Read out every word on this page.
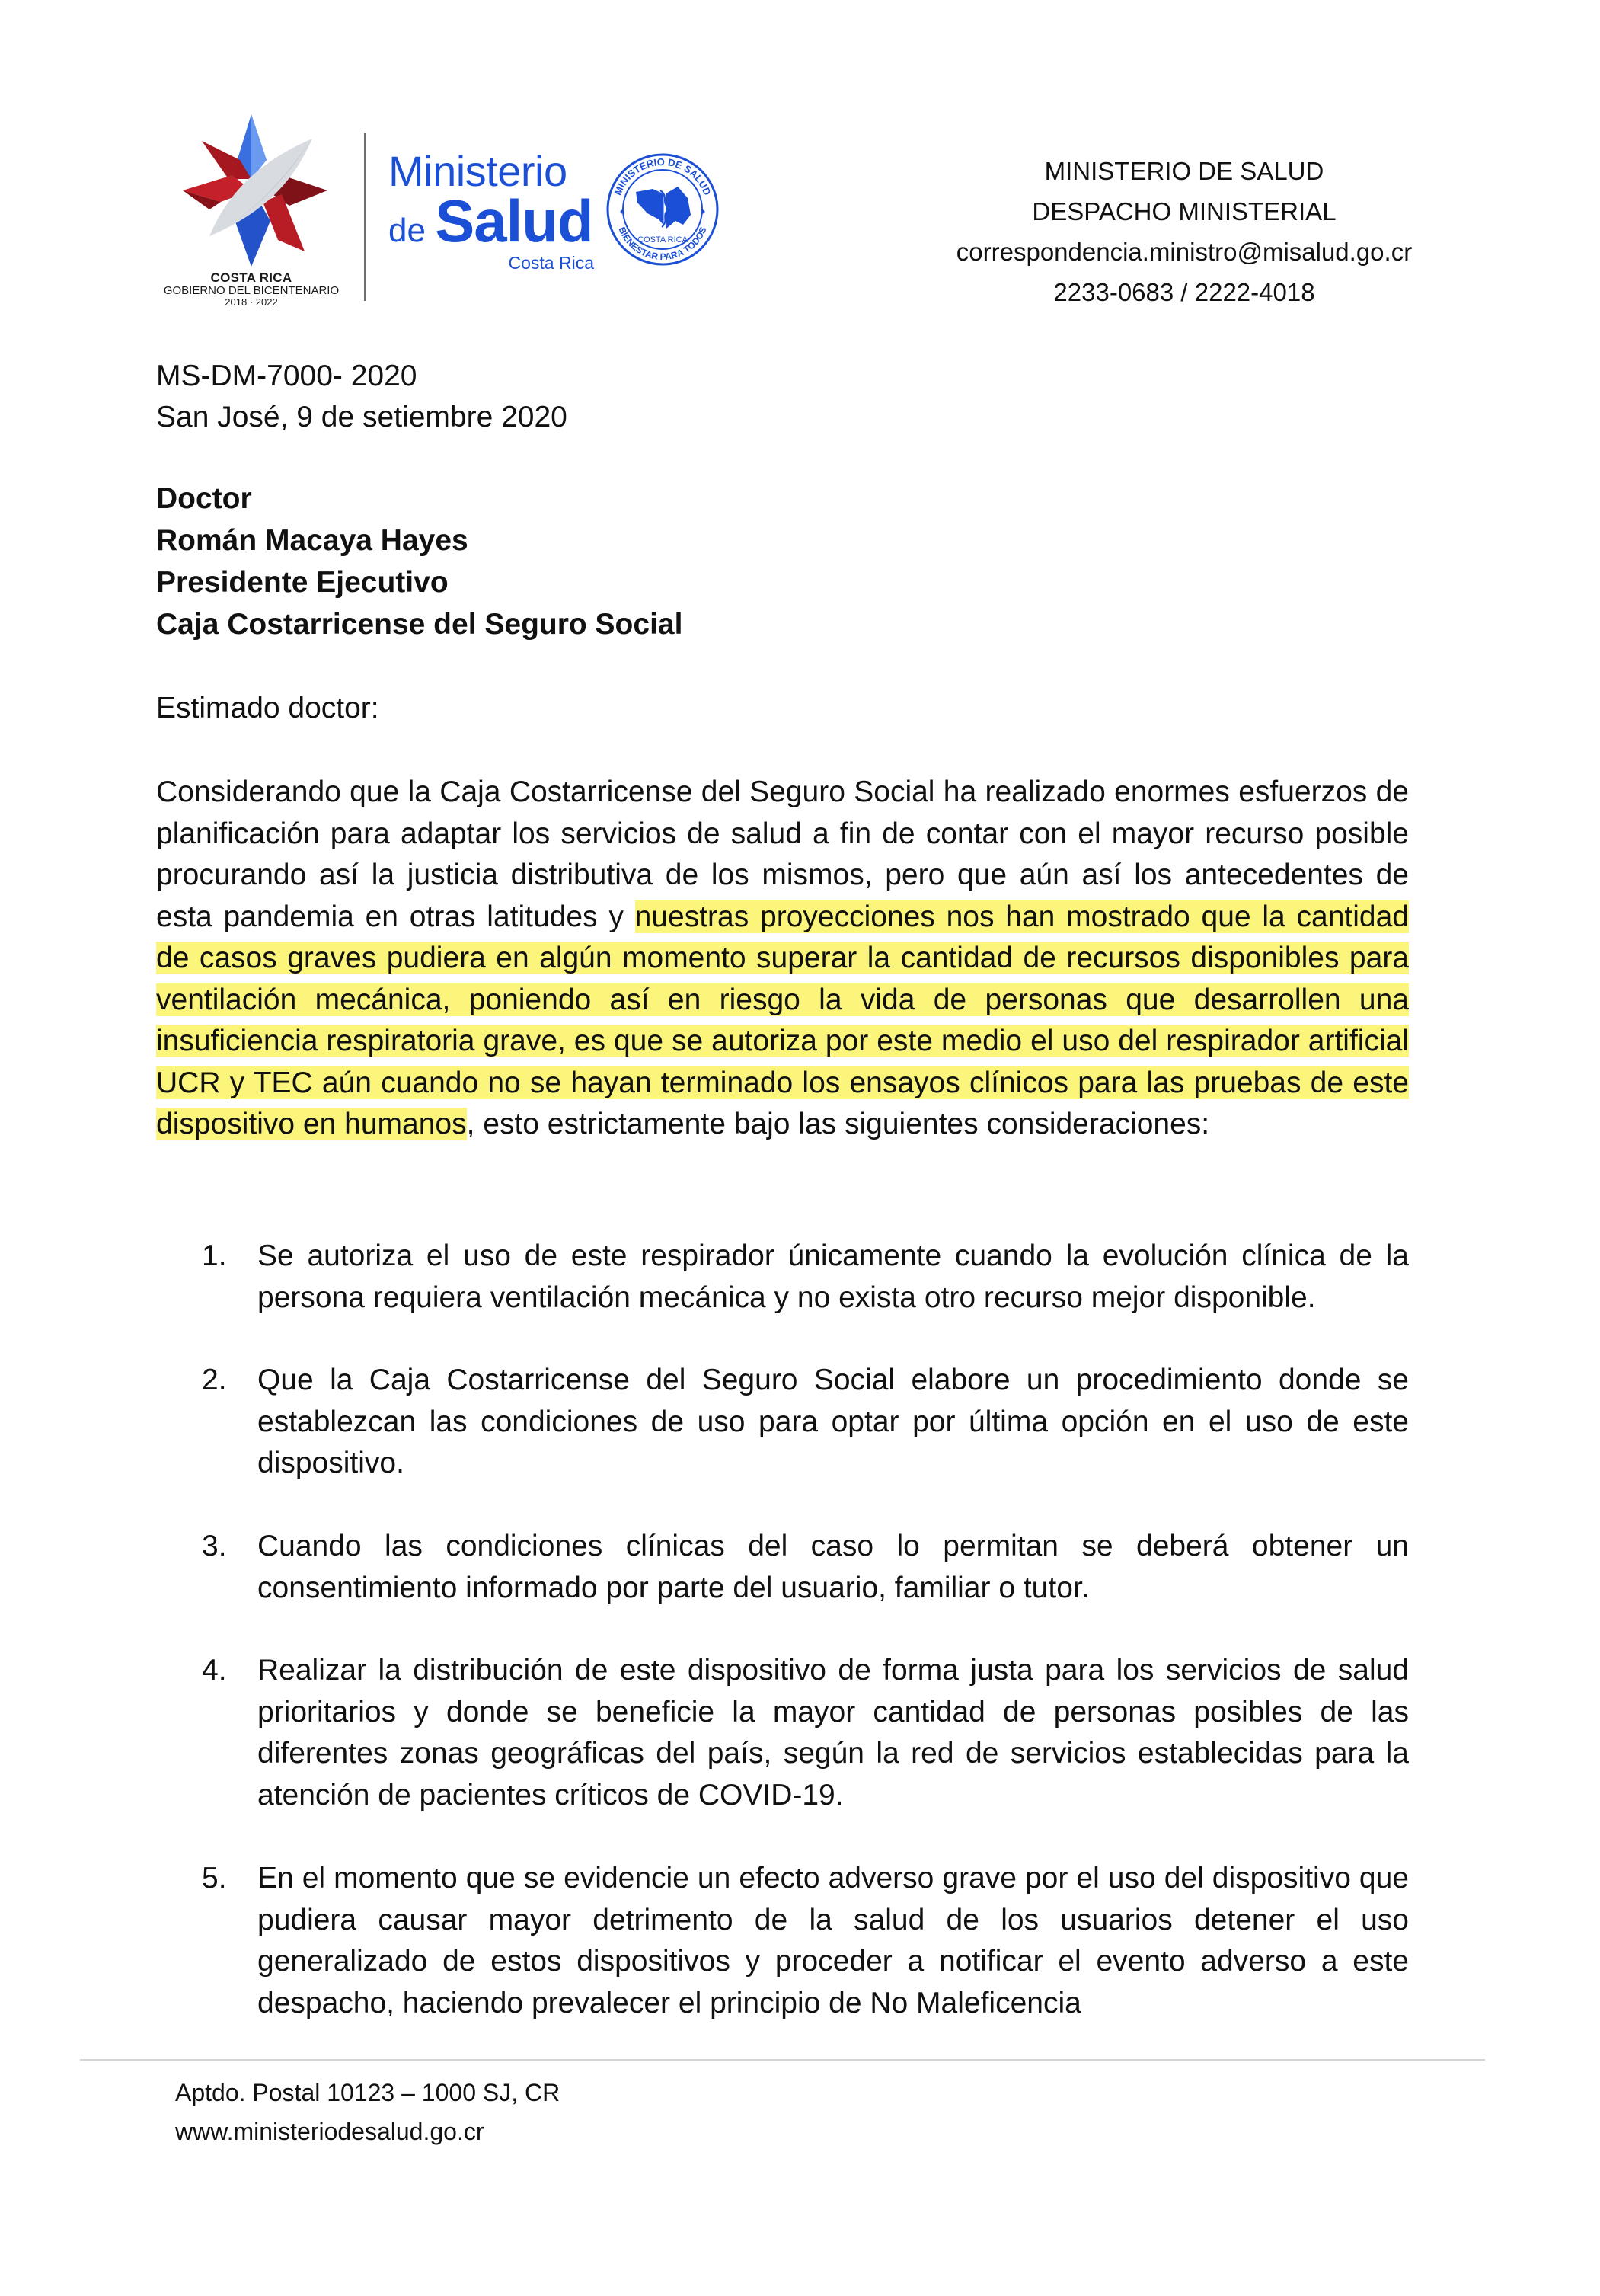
COSTA RICA
GOBIERNO DEL BICENTENARIO
2018 · 2022
Ministerio
de Salud
Costa Rica
MINISTERIO DE SALUD
BIENESTAR PARA TODOS
COSTA RICA
MINISTERIO DE SALUD
DESPACHO MINISTERIAL
correspondencia.ministro@misalud.go.cr
2233-0683 / 2222-4018
MS-DM-7000- 2020
San José, 9 de setiembre 2020
Doctor
Román Macaya Hayes
Presidente Ejecutivo
Caja Costarricense del Seguro Social
Estimado doctor:
Considerando que la Caja Costarricense del Seguro Social ha realizado enormes esfuerzos de planificación para adaptar los servicios de salud a fin de contar con el mayor recurso posible procurando así la justicia distributiva de los mismos, pero que aún así los antecedentes de esta pandemia en otras latitudes y nuestras proyecciones nos han mostrado que la cantidad de casos graves pudiera en algún momento superar la cantidad de recursos disponibles para ventilación mecánica, poniendo así en riesgo la vida de personas que desarrollen una insuficiencia respiratoria grave, es que se autoriza por este medio el uso del respirador artificial UCR y TEC aún cuando no se hayan terminado los ensayos clínicos para las pruebas de este dispositivo en humanos, esto estrictamente bajo las siguientes consideraciones:
1.	Se autoriza el uso de este respirador únicamente cuando la evolución clínica de la persona requiera ventilación mecánica y no exista otro recurso mejor disponible.
2.	Que la Caja Costarricense del Seguro Social elabore un procedimiento donde se establezcan las condiciones de uso para optar por última opción en el uso de este dispositivo.
3.	Cuando las condiciones clínicas del caso lo permitan se deberá obtener un consentimiento informado por parte del usuario, familiar o tutor.
4.	Realizar la distribución de este dispositivo de forma justa para los servicios de salud prioritarios y donde se beneficie la mayor cantidad de personas posibles de las diferentes zonas geográficas del país, según la red de servicios establecidas para la atención de pacientes críticos de COVID-19.
5.	En el momento que se evidencie un efecto adverso grave por el uso del dispositivo que pudiera causar mayor detrimento de la salud de los usuarios detener el uso generalizado de estos dispositivos y proceder a notificar el evento adverso a este despacho, haciendo prevalecer el principio de No Maleficencia
Aptdo. Postal 10123 – 1000 SJ, CR
www.ministeriodesalud.go.cr
